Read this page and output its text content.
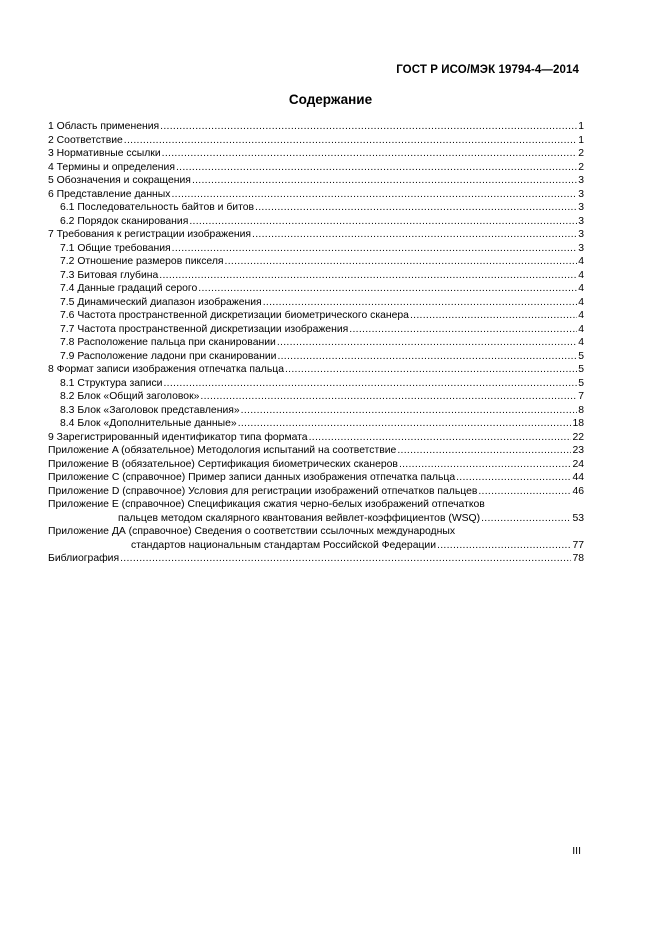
ГОСТ Р ИСО/МЭК 19794-4—2014
Содержание
1 Область применения .....	1
2 Соответствие .....	1
3 Нормативные ссылки .....	2
4 Термины и определения .....	2
5 Обозначения и сокращения .....	3
6 Представление данных .....	3
6.1 Последовательность байтов и битов .....	3
6.2 Порядок сканирования .....	3
7 Требования к регистрации изображения .....	3
7.1 Общие требования .....	3
7.2 Отношение размеров пикселя .....	4
7.3 Битовая глубина .....	4
7.4 Данные градаций серого .....	4
7.5 Динамический диапазон изображения .....	4
7.6 Частота пространственной дискретизации биометрического сканера .....	4
7.7 Частота пространственной дискретизации изображения .....	4
7.8 Расположение пальца при сканировании .....	4
7.9 Расположение ладони при сканировании .....	5
8 Формат записи изображения отпечатка пальца .....	5
8.1 Структура записи .....	5
8.2 Блок «Общий заголовок» .....	7
8.3 Блок «Заголовок представления» .....	8
8.4 Блок «Дополнительные данные» .....	18
9 Зарегистрированный идентификатор типа формата .....	22
Приложение A (обязательное) Методология испытаний на соответствие .....	23
Приложение B (обязательное) Сертификация биометрических сканеров .....	24
Приложение C (справочное) Пример записи данных изображения отпечатка пальца .....	44
Приложение D (справочное) Условия для регистрации изображений отпечатков пальцев .....	46
Приложение E (справочное) Спецификация сжатия черно-белых изображений отпечатков
пальцев методом скалярного квантования вейвлет-коэффициентов (WSQ) .....	53
Приложение ДА (справочное) Сведения о соответствии ссылочных международных
стандартов национальным стандартам Российской Федерации .....	77
Библиография .....	78
III
